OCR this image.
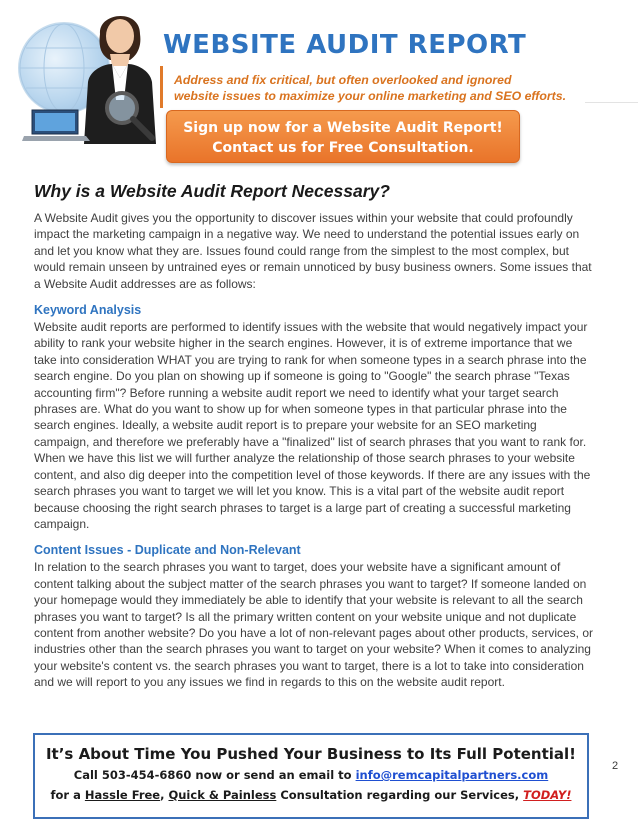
WEBSITE AUDIT REPORT
Address and fix critical, but often overlooked and ignored
website issues to maximize your online marketing and SEO efforts.
Sign up now for a Website Audit Report!
Contact us for Free Consultation.
Why is a Website Audit Report Necessary?

A Website Audit gives you the opportunity to discover issues within your website that could profoundly impact the marketing campaign in a negative way. We need to understand the potential issues early on and let you know what they are. Issues found could range from the simplest to the most complex, but would remain unseen by untrained eyes or remain unnoticed by busy business owners. Some issues that a Website Audit addresses are as follows:

Keyword Analysis

Website audit reports are performed to identify issues with the website that would negatively impact your ability to rank your website higher in the search engines. However, it is of extreme importance that we take into consideration WHAT you are trying to rank for when someone types in a search phrase into the search engine. Do you plan on showing up if someone is going to "Google" the search phrase "Texas accounting firm"? Before running a website audit report we need to identify what your target search phrases are. What do you want to show up for when someone types in that particular phrase into the search engines. Ideally, a website audit report is to prepare your website for an SEO marketing campaign, and therefore we preferably have a "finalized" list of search phrases that you want to rank for. When we have this list we will further analyze the relationship of those search phrases to your website content, and also dig deeper into the competition level of those keywords. If there are any issues with the search phrases you want to target we will let you know. This is a vital part of the website audit report because choosing the right search phrases to target is a large part of creating a successful marketing campaign.

Content Issues - Duplicate and Non-Relevant

In relation to the search phrases you want to target, does your website have a significant amount of content talking about the subject matter of the search phrases you want to target? If someone landed on your homepage would they immediately be able to identify that your website is relevant to all the search phrases you want to target? Is all the primary written content on your website unique and not duplicate content from another website? Do you have a lot of non-relevant pages about other products, services, or industries other than the search phrases you want to target on your website? When it comes to analyzing your website's content vs. the search phrases you want to target, there is a lot to take into consideration and we will report to you any issues we find in regards to this on the website audit report.

It’s About Time You Pushed Your Business to Its Full Potential!
Call 503-454-6860 now or send an email to info@remcapitalpartners.com
for a Hassle Free, Quick & Painless Consultation regarding our Services, TODAY!
2
